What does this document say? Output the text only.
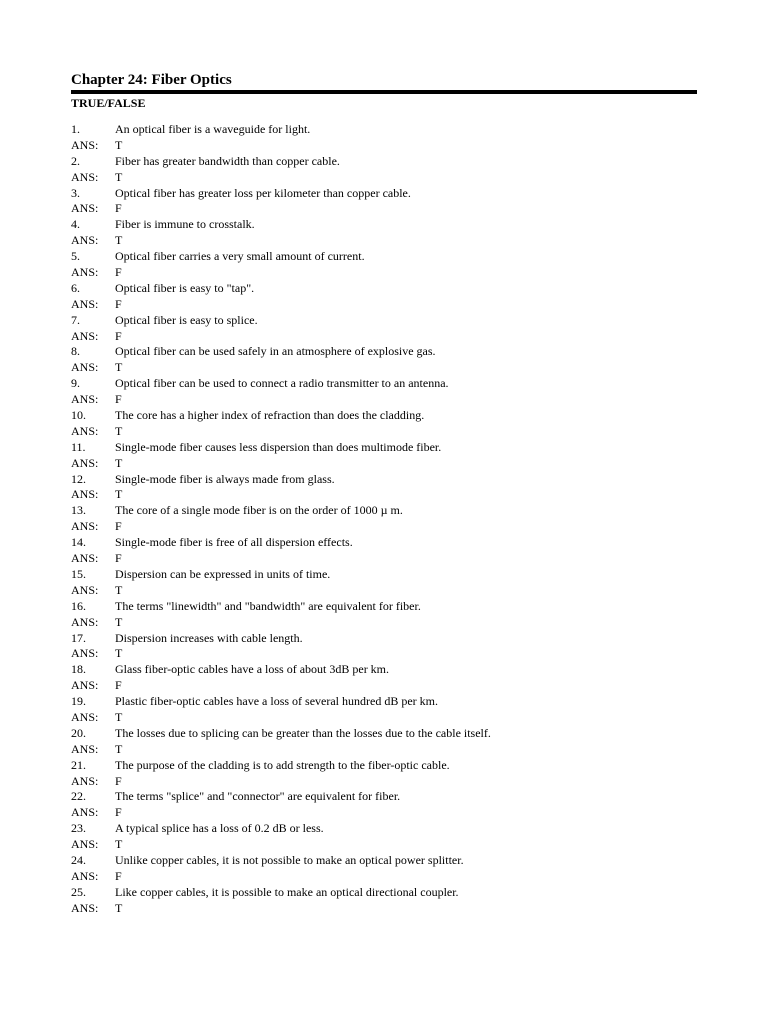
Chapter 24: Fiber Optics
TRUE/FALSE
1.	An optical fiber is a waveguide for light.
ANS: T
2.	Fiber has greater bandwidth than copper cable.
ANS: T
3.	Optical fiber has greater loss per kilometer than copper cable.
ANS: F
4.	Fiber is immune to crosstalk.
ANS: T
5.	Optical fiber carries a very small amount of current.
ANS: F
6.	Optical fiber is easy to "tap".
ANS: F
7.	Optical fiber is easy to splice.
ANS: F
8.	Optical fiber can be used safely in an atmosphere of explosive gas.
ANS: T
9.	Optical fiber can be used to connect a radio transmitter to an antenna.
ANS: F
10. The core has a higher index of refraction than does the cladding.
ANS: T
11. Single-mode fiber causes less dispersion than does multimode fiber.
ANS: T
12. Single-mode fiber is always made from glass.
ANS: T
13. The core of a single mode fiber is on the order of 1000 µ m.
ANS: F
14. Single-mode fiber is free of all dispersion effects.
ANS: F
15. Dispersion can be expressed in units of time.
ANS: T
16. The terms "linewidth" and "bandwidth" are equivalent for fiber.
ANS: T
17. Dispersion increases with cable length.
ANS: T
18. Glass fiber-optic cables have a loss of about 3dB per km.
ANS: F
19. Plastic fiber-optic cables have a loss of several hundred dB per km.
ANS: T
20. The losses due to splicing can be greater than the losses due to the cable itself.
ANS: T
21. The purpose of the cladding is to add strength to the fiber-optic cable.
ANS: F
22. The terms "splice" and "connector" are equivalent for fiber.
ANS: F
23. A typical splice has a loss of 0.2 dB or less.
ANS: T
24. Unlike copper cables, it is not possible to make an optical power splitter.
ANS: F
25. Like copper cables, it is possible to make an optical directional coupler.
ANS: T
